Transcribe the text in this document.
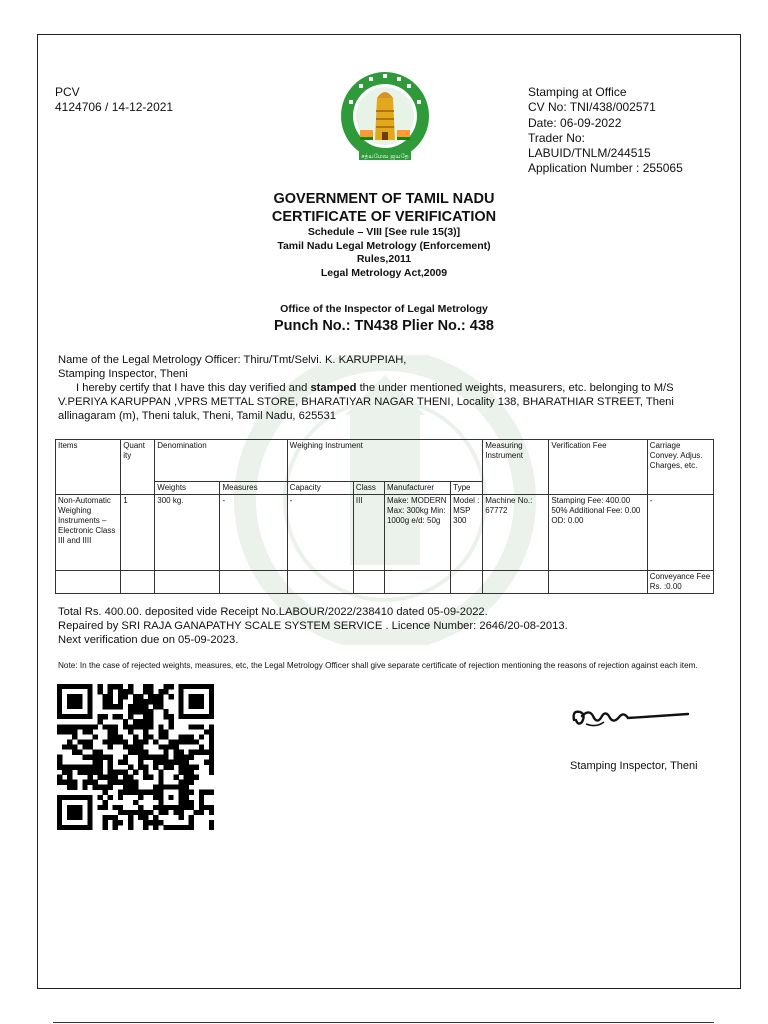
PCV
4124706 / 14-12-2021
சத்யமேவ ஜயதே
Stamping at Office
CV No: TNI/438/002571
Date: 06-09-2022
Trader No:
LABUID/TNLM/244515
Application Number : 255065
GOVERNMENT OF TAMIL NADU
CERTIFICATE OF VERIFICATION
Schedule – VIII [See rule 15(3)]
Tamil Nadu Legal Metrology (Enforcement)
Rules,2011
Legal Metrology Act,2009
Office of the Inspector of Legal Metrology
Punch No.: TN438 Plier No.: 438
Name of the Legal Metrology Officer: Thiru/Tmt/Selvi. K. KARUPPIAH,
Stamping Inspector, Theni
I hereby certify that I have this day verified and stamped the under mentioned weights, measurers, etc. belonging to M/S
V.PERIYA KARUPPAN ,VPRS METTAL STORE, BHARATIYAR NAGAR THENI, Locality 138, BHARATHIAR STREET, Theni
allinagaram (m), Theni taluk, Theni, Tamil Nadu, 625531
Items	Quant ity	Denomination		Weighing Instrument				Measuring Instrument	Verification Fee	Carriage Convey. Adjus. Charges, etc.
		Weights	Measures	Capacity	Class	Manufacturer	Type			
Non-Automatic Weighing Instruments – Electronic Class III and IIII	1	300 kg.	-	-	III	Make: MODERN Max: 300kg Min: 1000g e/d: 50g	Model : MSP 300	Machine No.: 67772	Stamping Fee: 400.00
50% Additional Fee: 0.00
OD: 0.00	-
										Conveyance Fee Rs. :0.00
Total Rs. 400.00. deposited vide Receipt No.LABOUR/2022/238410 dated 05-09-2022.
Repaired by SRI RAJA GANAPATHY SCALE SYSTEM SERVICE . Licence Number: 2646/20-08-2013.
Next verification due on 05-09-2023.
Note: In the case of rejected weights, measures, etc, the Legal Metrology Officer shall give separate certificate of rejection mentioning the reasons of rejection against each item.
Stamping Inspector, Theni
